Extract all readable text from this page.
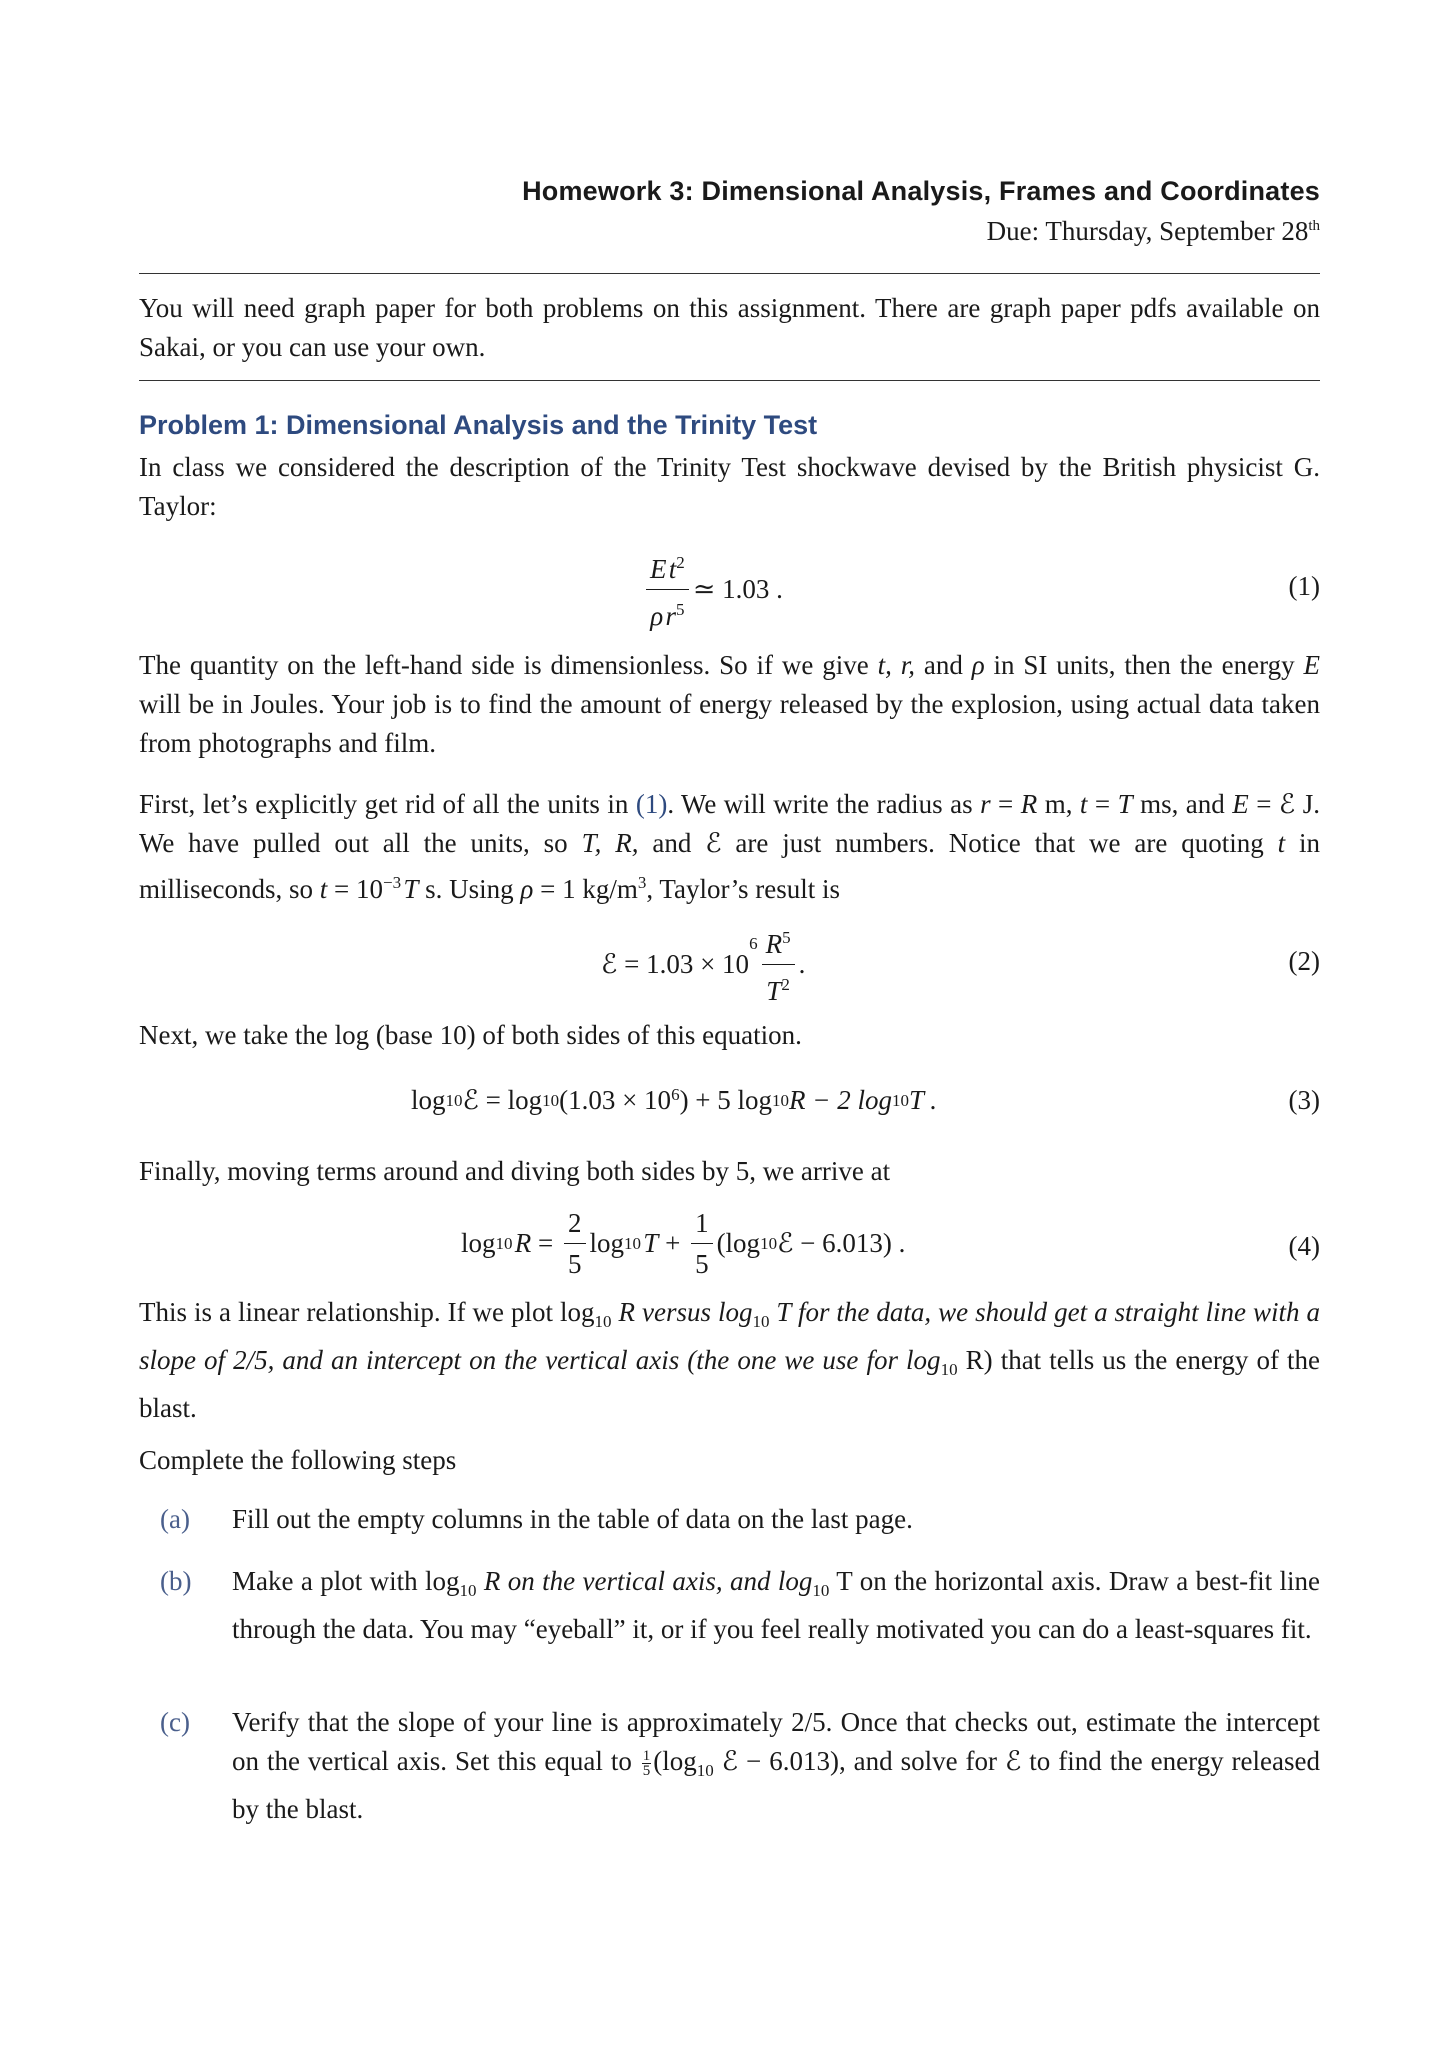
Homework 3: Dimensional Analysis, Frames and Coordinates
Due: Thursday, September 28th
You will need graph paper for both problems on this assignment. There are graph paper pdfs available on Sakai, or you can use your own.
Problem 1: Dimensional Analysis and the Trinity Test
In class we considered the description of the Trinity Test shockwave devised by the British physicist G. Taylor:
$\frac{E t^2}{\rho r^5}$ ≃ 1.03 .	(1)
The quantity on the left-hand side is dimensionless. So if we give t, r, and ρ in SI units, then the energy E will be in Joules. Your job is to find the amount of energy released by the explosion, using actual data taken from photographs and film.
First, let’s explicitly get rid of all the units in (1). We will write the radius as r = R m, t = T ms, and E = ℰ J. We have pulled out all the units, so T, R, and ℰ are just numbers. Notice that we are quoting t in milliseconds, so $t = 10^{-3}$ T s. Using ρ = 1 $kg/m^3$, Taylor’s result is
ℰ = 1.03 × 10
$^6 \frac{R^5}{T^2}$ .	(2)
Next, we take the log (base 10) of both sides of this equation.
log 10 ℰ = log 10 ($1.03 \times 10^6$ ) + 5 log 10 R − 2 log 10 T .	(3)
Finally, moving terms around and diving both sides by 5, we arrive at
log 10
  $R = \frac{2}{5}$ log 10
  $T + \frac{1}{5} (\log$ 10 ℰ − 6.013) .	(4)
This is a linear relationship. If we plot $\log_{10} R$ versus $\log_{10} T$ for the data, we should get a straight line with a slope of 2/5, and an intercept on the vertical axis (the one we use for $\log_{10} R$) that tells us the energy of the blast.
Complete the following steps
(a) Fill out the empty columns in the table of data on the last page.
(b) Make a plot with $\log_{10} R$ on the vertical axis, and $\log_{10} T$ on the horizontal axis. Draw a best-fit line through the data. You may “eyeball” it, or if you feel really motivated you can do a least-squares fit.
(c) Verify that the slope of your line is approximately 2/5. Once that checks out, estimate the intercept on the vertical axis. Set this equal to $\frac{1}{5} (\log_{10}$ ℰ − 6.013), and solve for ℰ to find the energy released by the blast.
